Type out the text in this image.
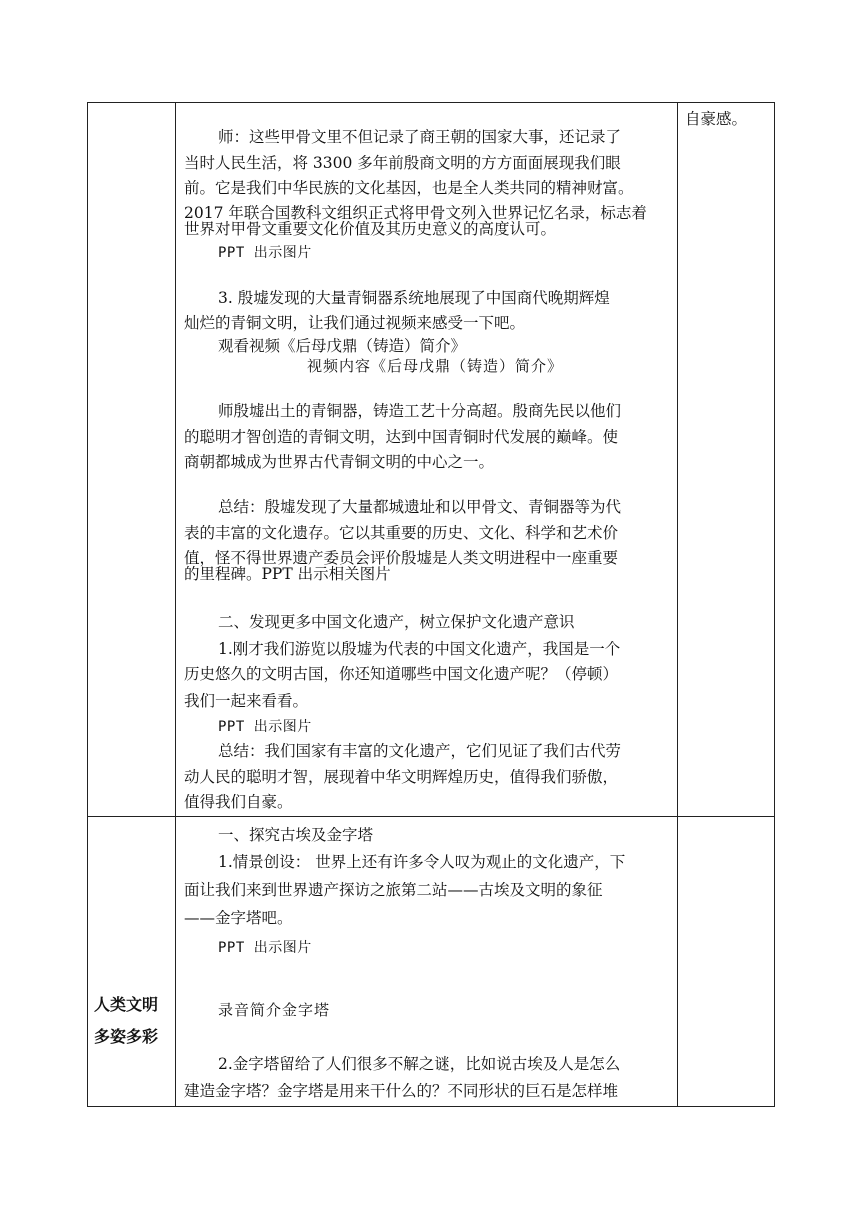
自豪感。
师：这些甲骨文里不但记录了商王朝的国家大事，还记录了
当时人民生活，将 3300 多年前殷商文明的方方面面展现我们眼
前。它是我们中华民族的文化基因，也是全人类共同的精神财富。
2017 年联合国教科文组织正式将甲骨文列入世界记忆名录，标志着
世界对甲骨文重要文化价值及其历史意义的高度认可。
PPT 出示图片
3. 殷墟发现的大量青铜器系统地展现了中国商代晚期辉煌
灿烂的青铜文明，让我们通过视频来感受一下吧。
观看视频《后母戊鼎（铸造）简介》
视频内容《后母戊鼎（铸造）简介》
师殷墟出土的青铜器，铸造工艺十分高超。殷商先民以他们
的聪明才智创造的青铜文明，达到中国青铜时代发展的巅峰。使
商朝都城成为世界古代青铜文明的中心之一。
总结：殷墟发现了大量都城遗址和以甲骨文、青铜器等为代
表的丰富的文化遗存。它以其重要的历史、文化、科学和艺术价
值，怪不得世界遗产委员会评价殷墟是人类文明进程中一座重要
的里程碑。PPT 出示相关图片
二、发现更多中国文化遗产，树立保护文化遗产意识
1.刚才我们游览以殷墟为代表的中国文化遗产，我国是一个
历史悠久的文明古国，你还知道哪些中国文化遗产呢？（停顿）
我们一起来看看。
PPT 出示图片
总结：我们国家有丰富的文化遗产，它们见证了我们古代劳
动人民的聪明才智，展现着中华文明辉煌历史，值得我们骄傲，
值得我们自豪。
人类文明
多姿多彩
一、探究古埃及金字塔
1.情景创设： 世界上还有许多令人叹为观止的文化遗产，下
面让我们来到世界遗产探访之旅第二站——古埃及文明的象征
——金字塔吧。
PPT 出示图片
录音简介金字塔
2.金字塔留给了人们很多不解之谜，比如说古埃及人是怎么
建造金字塔？金字塔是用来干什么的？不同形状的巨石是怎样堆
